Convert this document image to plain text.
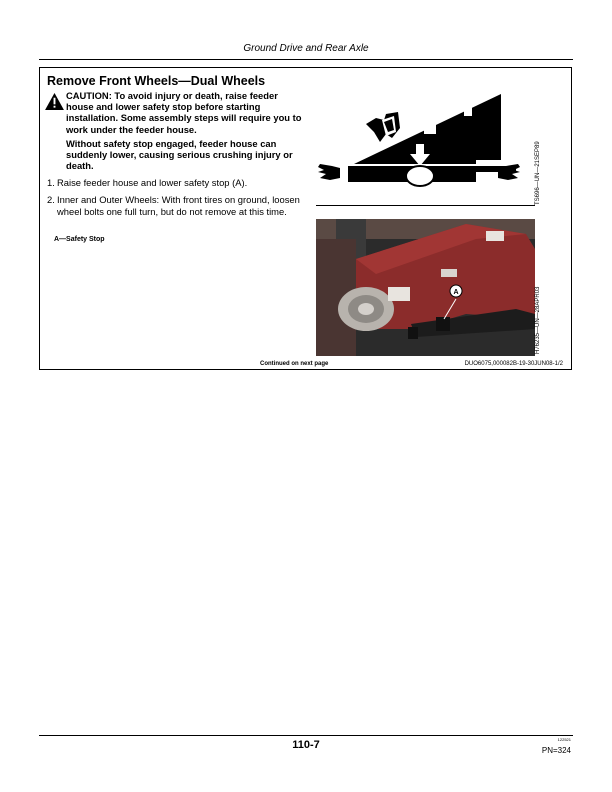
Ground Drive and Rear Axle
Remove Front Wheels—Dual Wheels
CAUTION: To avoid injury or death, raise feeder house and lower safety stop before starting installation. Some assembly steps will require you to work under the feeder house.
Without safety stop engaged, feeder house can suddenly lower, causing serious crushing injury or death.
1. Raise feeder house and lower safety stop (A).
2. Inner and Outer Wheels: With front tires on ground, loosen wheel bolts one full turn, but do not remove at this time.
A—Safety Stop
TS696—UN—21SEP89
A	H76235—UN—28APR03
Continued on next page	DUO6075,000082B-19-30JUN08-1/2
110-7	122521
PN=324
